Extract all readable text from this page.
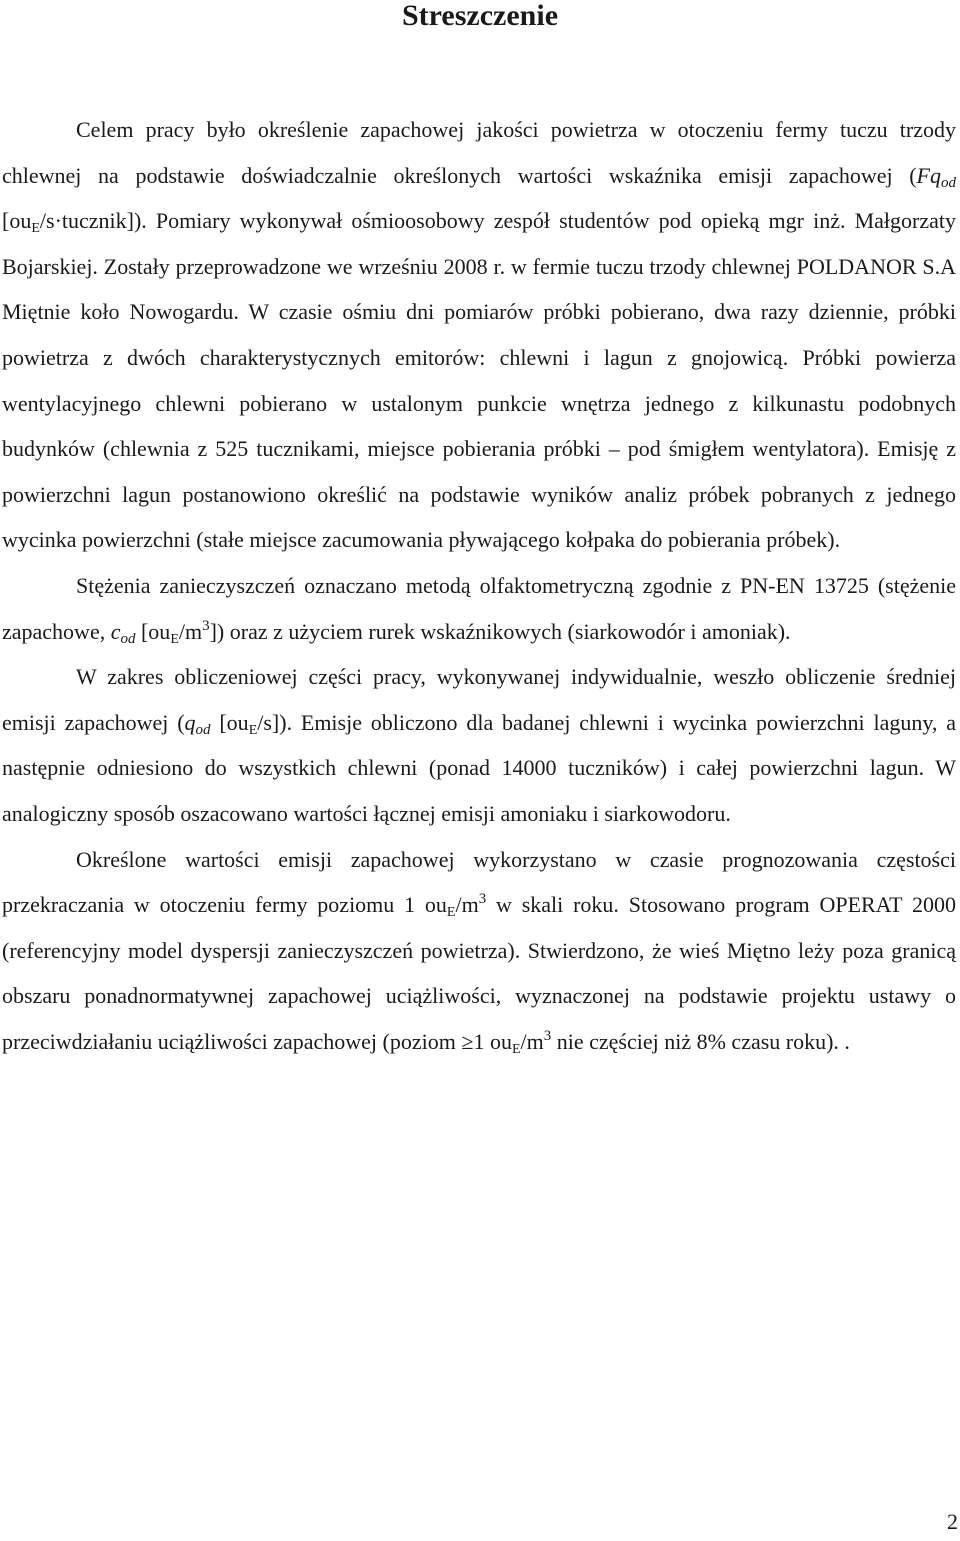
Streszczenie

Celem pracy było określenie zapachowej jakości powietrza w otoczeniu fermy tuczu trzody chlewnej na podstawie doświadczalnie określonych wartości wskaźnika emisji zapachowej ($Fq_{od}$ $[ou_E/s\cdot tucznik]$). Pomiary wykonywał ośmioosobowy zespół studentów pod opieką mgr inż. Małgorzaty Bojarskiej. Zostały przeprowadzone we wrześniu 2008 r. w fermie tuczu trzody chlewnej POLDANOR S.A Miętnie koło Nowogardu. W czasie ośmiu dni pomiarów próbki pobierano, dwa razy dziennie, próbki powietrza z dwóch charakterystycznych emitorów: chlewni i lagun z gnojowicą. Próbki powierza wentylacyjnego chlewni pobierano w ustalonym punkcie wnętrza jednego z kilkunastu podobnych budynków (chlewnia z 525 tucznikami, miejsce pobierania próbki – pod śmigłem wentylatora). Emisję z powierzchni lagun postanowiono określić na podstawie wyników analiz próbek pobranych z jednego wycinka powierzchni (stałe miejsce zacumowania pływającego kołpaka do pobierania próbek).

Stężenia zanieczyszczeń oznaczano metodą olfaktometryczną zgodnie z PN-EN 13725 (stężenie zapachowe, $c_{od}$ $[ou_E/m^3]$) oraz z użyciem rurek wskaźnikowych (siarkowodór i amoniak).

W zakres obliczeniowej części pracy, wykonywanej indywidualnie, weszło obliczenie średniej emisji zapachowej ($q_{od}$ $[ou_E/s]$). Emisje obliczono dla badanej chlewni i wycinka powierzchni laguny, a następnie odniesiono do wszystkich chlewni (ponad 14000 tuczników) i całej powierzchni lagun. W analogiczny sposób oszacowano wartości łącznej emisji amoniaku i siarkowodoru.

Określone wartości emisji zapachowej wykorzystano w czasie prognozowania częstości przekraczania w otoczeniu fermy poziomu 1 $ou_E/m^3$ w skali roku. Stosowano program OPERAT 2000 (referencyjny model dyspersji zanieczyszczeń powietrza). Stwierdzono, że wieś Miętno leży poza granicą obszaru ponadnormatywnej zapachowej uciążliwości, wyznaczonej na podstawie projektu ustawy o przeciwdziałaniu uciążliwości zapachowej (poziom ≥1 $ou_E/m^3$ nie częściej niż 8% czasu roku). .

2
